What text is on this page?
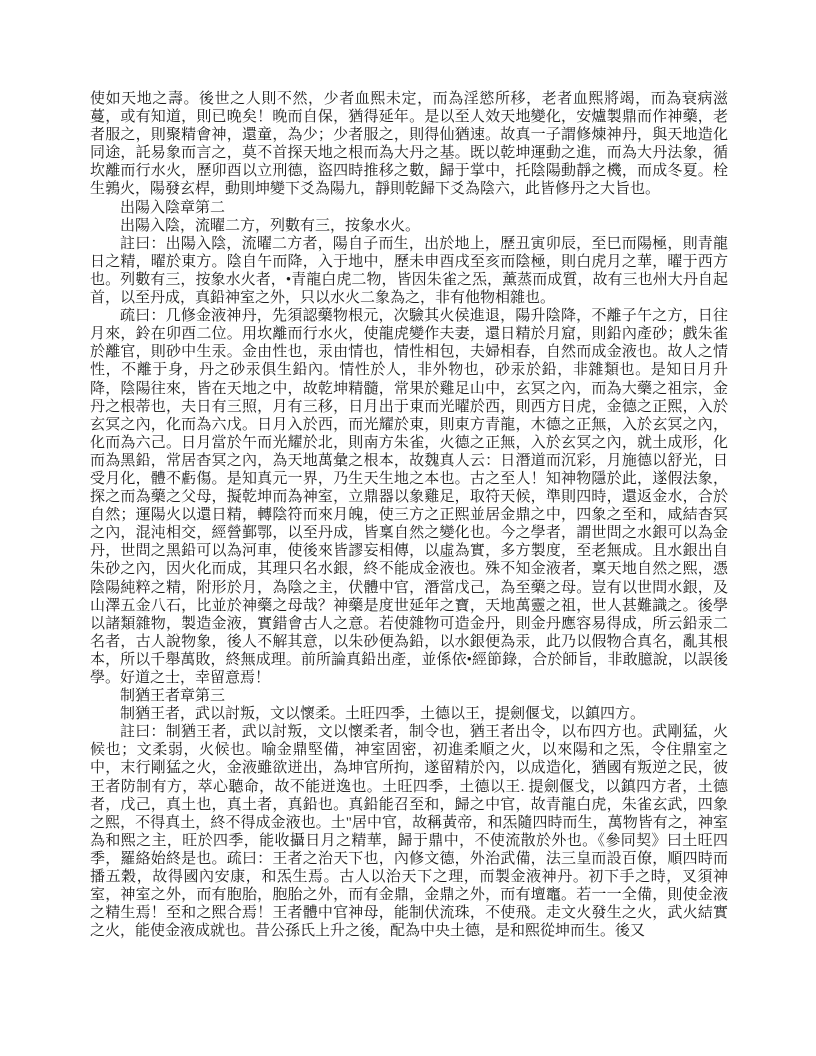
使如天地之壽。後世之人則不然，少者血熙未定，而為淫慾所移，老者血熙將竭，而為衰病滋蔓，或有知道，則已晚矣！晚而自保，猶得延年。是以至人效天地變化，安爐製鼎而作神藥，老者服之，則聚精會神，還童，為少；少者服之，則得仙猶速。故真一子謂修煉神丹，與天地造化同途，託易象而言之，莫不首探天地之根而為大丹之基。既以乾坤運動之進，而為大丹法象，循坎離而行水火，歷卯酉以立刑德，盜四時推移之數，歸于掌中，托陰陽動靜之機，而成冬夏。栓生鶉火，陽發玄桿，動則坤變下爻為陽九，靜則乾歸下爻為陰六，此皆修丹之大旨也。

出陽入陰章第二

出陽入陰，流曜二方，列數有三，按象水火。

註曰：出陽入陰，流曜二方者，陽自子而生，出於地上，歷丑寅卯辰，至巳而陽極，則青龍日之精，曜於東方。陰自午而降，入于地中，歷未申酉戌至亥而陰極，則白虎月之華，曜于西方也。列數有三，按象水火者，•青龍白虎二物，皆因朱雀之炁，薰蒸而成質，故有三也州大丹自起首，以至丹成，真鉛神室之外，只以水火二象為之，非有他物相雜也。

疏曰：几修金液神丹，先須認藥物根元，次驗其火侯進退，陽升陰降，不離子午之方，日往月來，鈴在卯酉二位。用坎離而行水火，使龍虎變作夫妻，還日精於月窟，則鉛內產砂；戲朱雀於離官，則砂中生汞。金由性也，汞由情也，情性相包，夫婦相春，自然而成金液也。故人之情性，不離于身，丹之砂汞俱生鉛內。情性於人，非外物也，砂汞於鉛，非雜類也。是知日月升降，陰陽往來，皆在天地之中，故乾坤精髓，常果於雞足山中，玄冥之內，而為大藥之祖宗，金丹之根蒂也，夫日有三照，月有三移，日月出于東而光曜於西，則西方日虎，金德之正熙，入於玄冥之內，化而為六戊。日月入於西，而光耀於東，則東方青龍，木德之正無，入於玄冥之內，化而為六己。日月當於午而光耀於北，則南方朱雀，火德之正無，入於玄冥之內，就土成形，化而為黑鉛，常居杳冥之內，為天地萬彙之根本，故魏真人云：日潛道而沉彩，月施德以舒光，日受月化，體不虧傷。是知真元一界，乃生天生地之本也。古之至人！知神物隱於此，遂假法象，探之而為藥之父母，擬乾坤而為神室，立鼎器以象雞足，取符天候，準則四時，還返金水，合於自然；運陽火以還日精，轉陰符而來月魄，使三方之正熙並居金鼎之中，四象之至和，咸結杳冥之內，混沌相交，經營鄞鄂，以至丹成，皆稟自然之變化也。今之學者，謂世問之水銀可以為金丹，世問之黑鉛可以為河車，使後來皆謬妄相傳，以虛為實，多方製度，至老無成。且水銀出自朱砂之內，因火化而成，其理只名水銀，終不能成金液也。殊不知金液者，稟天地自然之熙，憑陰陽純粹之精，附形於月，為陰之主，伏體中官，潛當戊己，為至藥之母。豈有以世問水銀，及山澤五金八石，比並於神藥之母哉？神藥是度世延年之寶，天地萬靈之祖，世人甚難識之。後學以諸類雜物，製造金液，實錯會古人之意。若使雜物可造金丹，則金丹應容易得成，所云鉛汞二名者，古人說物象，後人不解其意，以朱砂便為鉛，以水銀便為汞，此乃以假物合真名，亂其根本，所以千舉萬敗，終無成理。前所論真鉛出產，並係依•經節錄，合於師旨，非敢臆說，以誤後學。好道之士，幸留意焉！

制猶王者章第三

制猶王者，武以討叛，文以懷柔。土旺四季，土德以王，提劍偃戈，以鎮四方。

註曰：制猶王者，武以討叛，文以懷柔者，制令也，猶王者出令，以布四方也。武剛猛，火候也；文柔弱，火候也。喻金鼎堅備，神室固密，初進柔順之火，以來陽和之炁，令住鼎室之中，末行剛猛之火，金液雖欲迸出，為坤官所拘，遂留精於內，以成造化，猶國有叛逆之民，彼王者防制有方，萃心聽命，故不能迸逸也。土旺四季，土德以王. 提劍偃戈，以鎮四方者，土德者，戊己，真土也，真土者，真鉛也。真鉛能召至和，歸之中官，故青龍白虎，朱雀玄武，四象之熙，不得真土，終不得成金液也。土"居中官，故稱黃帝，和炁隨四時而生，萬物皆有之，神室為和熙之主，旺於四季，能收攝日月之精華，歸于鼎中，不使流散於外也。《參同契》曰土旺四季，羅絡始終是也。疏曰：王者之治天下也，內修文德，外治武備，法三皇而設百僚，順四時而播五穀，故得國內安康，和炁生焉。古人以治天下之理，而製金液神丹。初下手之時，叉須神室，神室之外，而有胞胎，胞胎之外，而有金鼎，金鼎之外，而有壇竈。若一一全備，則使金液之精生焉！至和之熙合焉！王者體中官神母，能制伏流珠，不使飛。走文火發生之火，武火結實之火，能使金液成就也。昔公孫氏上升之後，配為中央土德，是和熙從坤而生。後又
